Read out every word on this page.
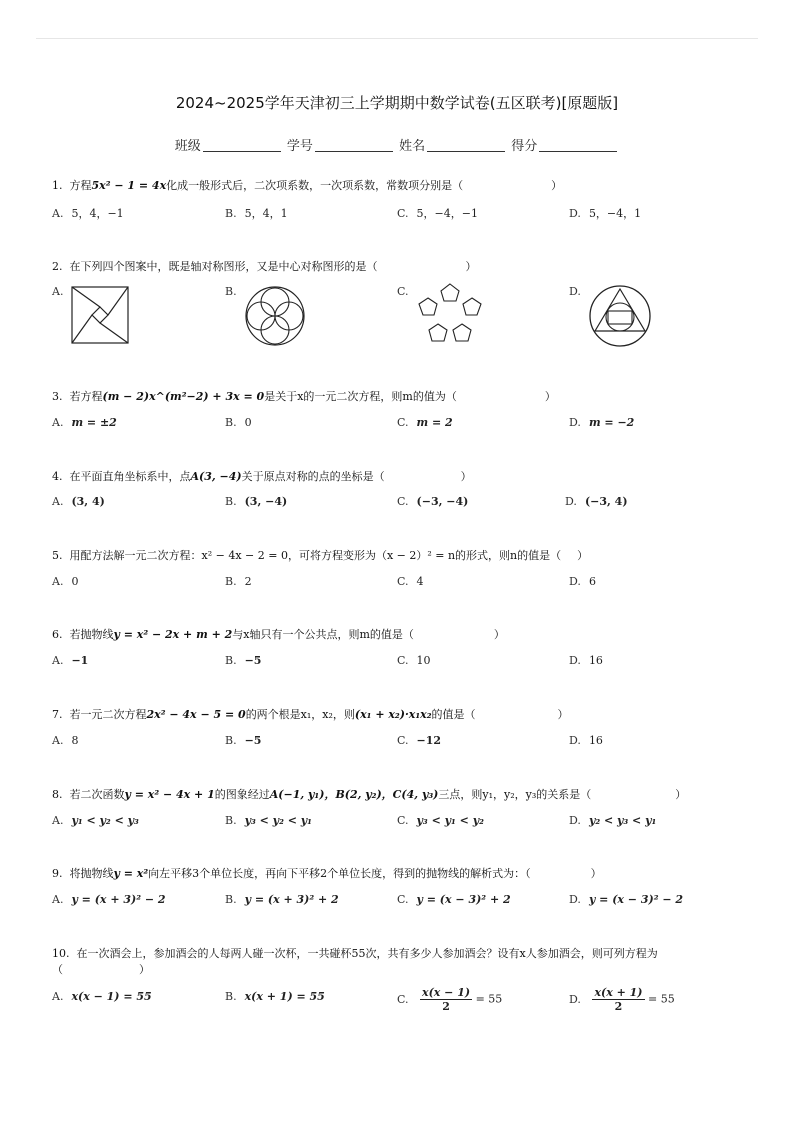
2024~2025学年天津初三上学期期中数学试卷(五区联考)[原题版]
班级	学号	姓名	得分
1. 方程5x² − 1 = 4x化成一般形式后，二次项系数，一次项系数，常数项分别是（	）
A. 5，4，−1	B. 5，4，1	C. 5，−4，−1	D. 5，−4，1
2. 在下列四个图案中，既是轴对称图形，又是中心对称图形的是（	）
A.	B.	C.	D.
3. 若方程(m − 2)x^(m²−2) + 3x = 0是关于x的一元二次方程，则m的值为（	）
A. m = ±2	B. 0	C. m = 2	D. m = −2
4. 在平面直角坐标系中，点A(3, −4)关于原点对称的点的坐标是（	）
A. (3, 4)	B. (3, −4)	C. (−3, −4)	D. (−3, 4)
5. 用配方法解一元二次方程：x² − 4x − 2 = 0，可将方程变形为（x − 2）² = n的形式，则n的值是（ ）
A. 0	B. 2	C. 4	D. 6
6. 若抛物线y = x² − 2x + m + 2与x轴只有一个公共点，则m的值是（	）
A. −1	B. −5	C. 10	D. 16
7. 若一元二次方程2x² − 4x − 5 = 0的两个根是x₁，x₂，则(x₁ + x₂)·x₁x₂的值是（	）
A. 8	B. −5	C. −12	D. 16
8. 若二次函数y = x² − 4x + 1的图象经过A(−1, y₁)，B(2, y₂)，C(4, y₃)三点，则y₁，y₂，y₃的关系是（	）
A. y₁ < y₂ < y₃	B. y₃ < y₂ < y₁	C. y₃ < y₁ < y₂	D. y₂ < y₃ < y₁
9. 将抛物线y = x²向左平移3个单位长度，再向下平移2个单位长度，得到的抛物线的解析式为：（	）
A. y = (x + 3)² − 2	B. y = (x + 3)² + 2	C. y = (x − 3)² + 2	D. y = (x − 3)² − 2
10. 在一次酒会上，参加酒会的人每两人碰一次杯，一共碰杯55次，共有多少人参加酒会？设有x人参加酒会，则可列方程为
（	）
A. x(x − 1) = 55	B. x(x + 1) = 55	C. $\frac{x(x - 1)}{2} = 55$	D. $\frac{x(x + 1)}{2} = 55$
